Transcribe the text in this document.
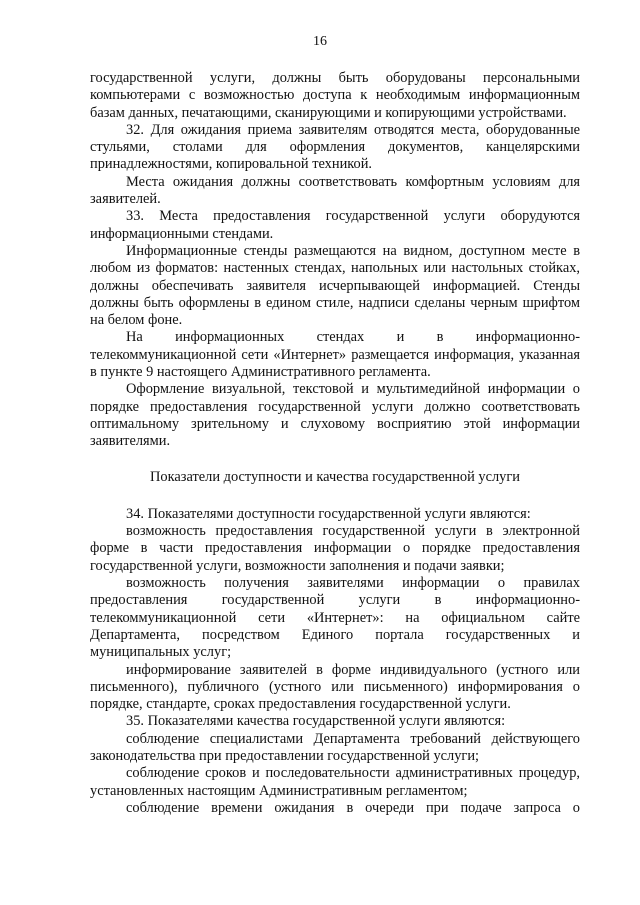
16

государственной услуги, должны быть оборудованы персональными компьютерами с возможностью доступа к необходимым информационным базам данных, печатающими, сканирующими и копирующими устройствами.

32. Для ожидания приема заявителям отводятся места, оборудованные стульями, столами для оформления документов, канцелярскими принадлежностями, копировальной техникой.

Места ожидания должны соответствовать комфортным условиям для заявителей.

33. Места предоставления государственной услуги оборудуются информационными стендами.

Информационные стенды размещаются на видном, доступном месте в любом из форматов: настенных стендах, напольных или настольных стойках, должны обеспечивать заявителя исчерпывающей информацией. Стенды должны быть оформлены в едином стиле, надписи сделаны черным шрифтом на белом фоне.

На информационных стендах и в информационно-телекоммуникационной сети «Интернет» размещается информация, указанная в пункте 9 настоящего Административного регламента.

Оформление визуальной, текстовой и мультимедийной информации о порядке предоставления государственной услуги должно соответствовать оптимальному зрительному и слуховому восприятию этой информации заявителями.

Показатели доступности и качества государственной услуги

34. Показателями доступности государственной услуги являются:

возможность предоставления государственной услуги в электронной форме в части предоставления информации о порядке предоставления государственной услуги, возможности заполнения и подачи заявки;

возможность получения заявителями информации о правилах предоставления государственной услуги в информационно-телекоммуникационной сети «Интернет»: на официальном сайте Департамента, посредством Единого портала государственных и муниципальных услуг;

информирование заявителей в форме индивидуального (устного или письменного), публичного (устного или письменного) информирования о порядке, стандарте, сроках предоставления государственной услуги.

35. Показателями качества государственной услуги являются:

соблюдение специалистами Департамента требований действующего законодательства при предоставлении государственной услуги;

соблюдение сроков и последовательности административных процедур, установленных настоящим Административным регламентом;

соблюдение времени ожидания в очереди при подаче запроса о
